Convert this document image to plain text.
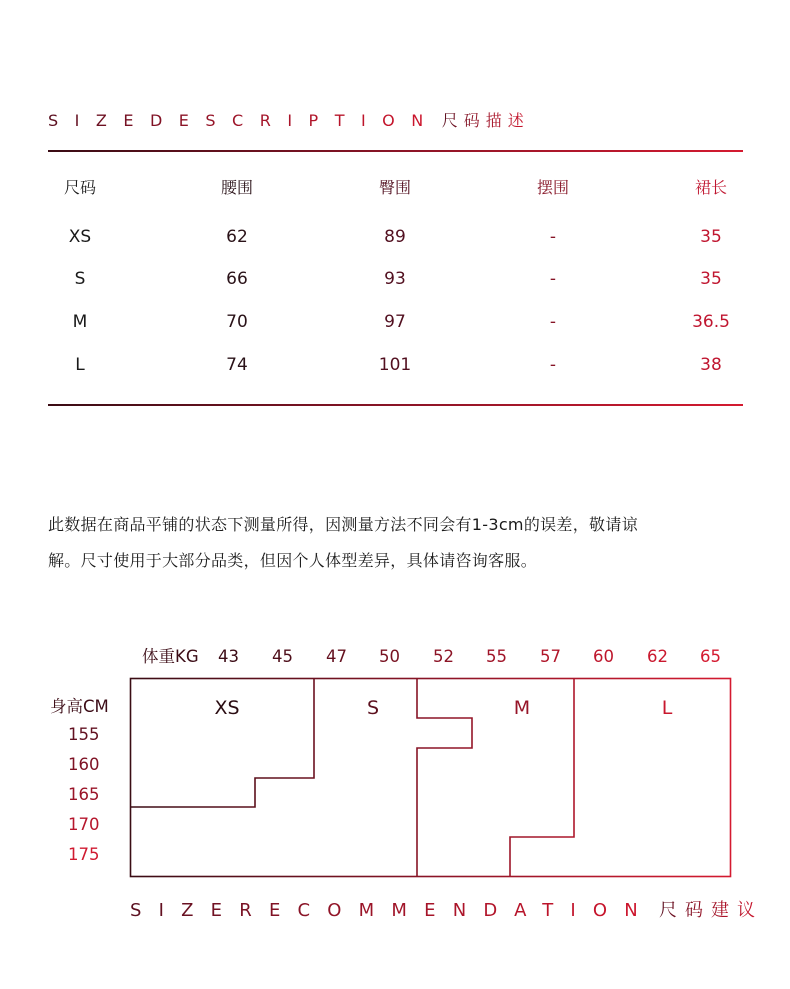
SIZEDESCRIPTION 尺码描述
尺码	腰围	臀围	摆围	裙长
XS	62	89	-	35
S	66	93	-	35
M	70	97	-	36.5
L	74	101	-	38
此数据在商品平铺的状态下测量所得，因测量方法不同会有1-3cm的误差，敬请谅
解。尺寸使用于大部分品类，但因个人体型差异，具体请咨询客服。
体重KG 43 45 47 50 52 55 57 60 62 65
身高CM
155
160
165
170
175
XS	S	M	L
SIZERECOMMENDATION 尺码建议
